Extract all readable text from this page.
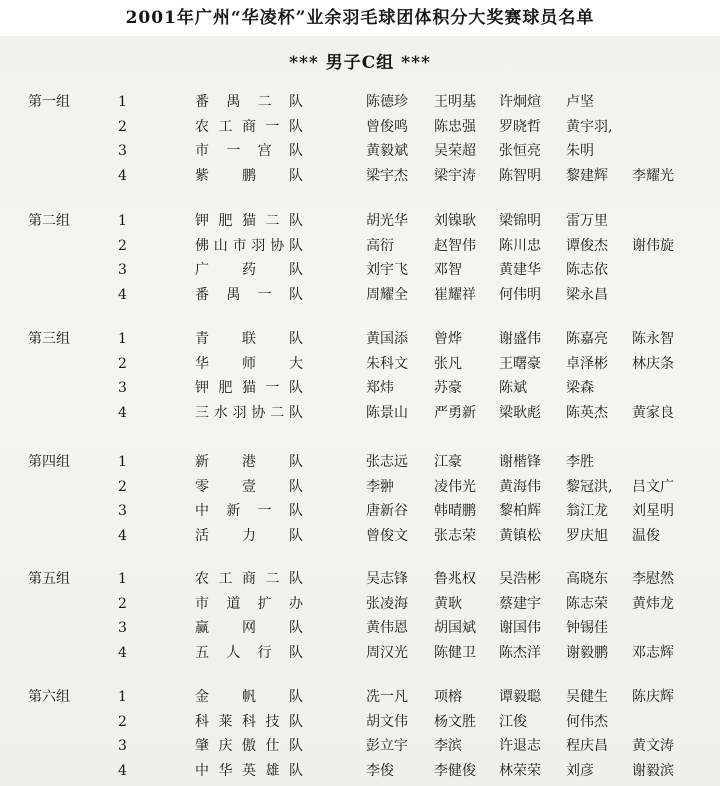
2001年广州“华凌杯”业余羽毛球团体积分大奖赛球员名单
*** 男子C组 ***
第一组	1	番禺二队	陈德珍 王明基 许炯煊 卢坚
2	农工商一队	曾俊鸣 陈忠强 罗晓哲 黄宇羽,
3	市一宫队	黄毅斌 吴荣超 张恒亮 朱明
4	紫鹏队	梁宇杰 梁宇涛 陈智明 黎建辉 李耀光
第二组	1	钾肥猫二队	胡光华 刘镍耿 梁锦明 雷万里
2	佛山市羽协队	高衍	赵智伟 陈川忠 谭俊杰 谢伟旋
3	广药队	刘宇飞 邓智	黄建华 陈志依
4	番禺一队	周耀全 崔耀祥 何伟明 梁永昌
第三组	1	青联队	黄国添 曾烨	谢盛伟 陈嘉亮 陈永智
2	华师大	朱科文 张凡	王曙豪 卓泽彬 林庆条
3	钾肥猫一队	郑炜	苏豪	陈斌	梁森
4	三水羽协二队	陈景山 严勇新 梁耿彪 陈英杰 黄家良
第四组	1	新港队	张志远 江豪	谢楷锋 李胜
2	零壹队	李翀	凌伟光 黄海伟 黎冠洪, 吕文广
3	中新一队	唐新谷 韩晴鹏 黎柏辉 翁江龙 刘星明
4	活力队	曾俊文 张志荣 黄镇松 罗庆旭 温俊
第五组	1	农工商二队	吴志锋 鲁兆权 吴浩彬 高晓东 李慰然
2	市道扩办	张凌海 黄耿	蔡建宇 陈志荣 黄炜龙
3	赢网队	黄伟恩 胡国斌 谢国伟 钟锡佳
4	五人行队	周汉光 陈健卫 陈杰洋 谢毅鹏 邓志辉
第六组	1	金帆队	冼一凡 项榕	谭毅聪 吴健生 陈庆辉
2	科莱科技队	胡文伟 杨文胜 江俊	何伟杰
3	肇庆傲仕队	彭立宇 李滨	许退志 程庆昌 黄文涛
4	中华英雄队	李俊	李健俊 林荣荣 刘彦	谢毅滨
